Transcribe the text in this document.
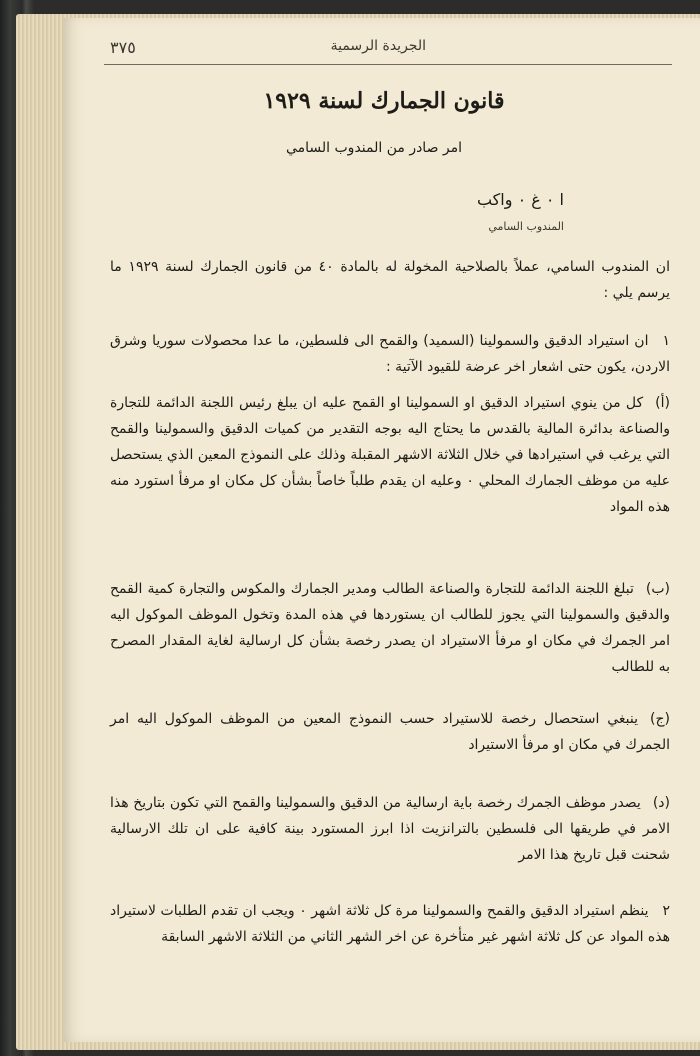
الجريدة الرسمية
٣٧٥
قانون الجمارك لسنة ١٩٢٩
امر صادر من المندوب السامي
ا ٠ غ ٠ واكب
المندوب السامي
ان المندوب السامي، عملاً بالصلاحية المخولة له بالمادة ٤٠ من قانون الجمارك لسنة ١٩٢٩ ما يرسم يلي :
١ان استيراد الدقيق والسمولينا (السميد) والقمح الى فلسطين، ما عدا محصولات سوريا وشرق الاردن، يكون حتى اشعار اخر عرضة للقيود الآتية :
(أ)كل من ينوي استيراد الدقيق او السمولينا او القمح عليه ان يبلغ رئيس اللجنة الدائمة للتجارة والصناعة بدائرة المالية بالقدس ما يحتاج اليه بوجه التقدير من كميات الدقيق والسمولينا والقمح التي يرغب في استيرادها في خلال الثلاثة الاشهر المقبلة وذلك على النموذج المعين الذي يستحصل عليه من موظف الجمارك المحلي ٠ وعليه ان يقدم طلباً خاصاً بشأن كل مكان او مرفأ استورد منه هذه المواد
(ب)تبلغ اللجنة الدائمة للتجارة والصناعة الطالب ومدير الجمارك والمكوس والتجارة كمية القمح والدقيق والسمولينا التي يجوز للطالب ان يستوردها في هذه المدة وتخول الموظف الموكول اليه امر الجمرك في مكان او مرفأ الاستيراد ان يصدر رخصة بشأن كل ارسالية لغاية المقدار المصرح به للطالب
(ج)ينبغي استحصال رخصة للاستيراد حسب النموذج المعين من الموظف الموكول اليه امر الجمرك في مكان او مرفأ الاستيراد
(د)يصدر موظف الجمرك رخصة باية ارسالية من الدقيق والسمولينا والقمح التي تكون بتاريخ هذا الامر في طريقها الى فلسطين بالترانزيت اذا ابرز المستورد بينة كافية على ان تلك الارسالية شحنت قبل تاريخ هذا الامر
٢ينظم استيراد الدقيق والقمح والسمولينا مرة كل ثلاثة اشهر ٠ ويجب ان تقدم الطلبات لاستيراد هذه المواد عن كل ثلاثة اشهر غير متأخرة عن اخر الشهر الثاني من الثلاثة الاشهر السابقة
